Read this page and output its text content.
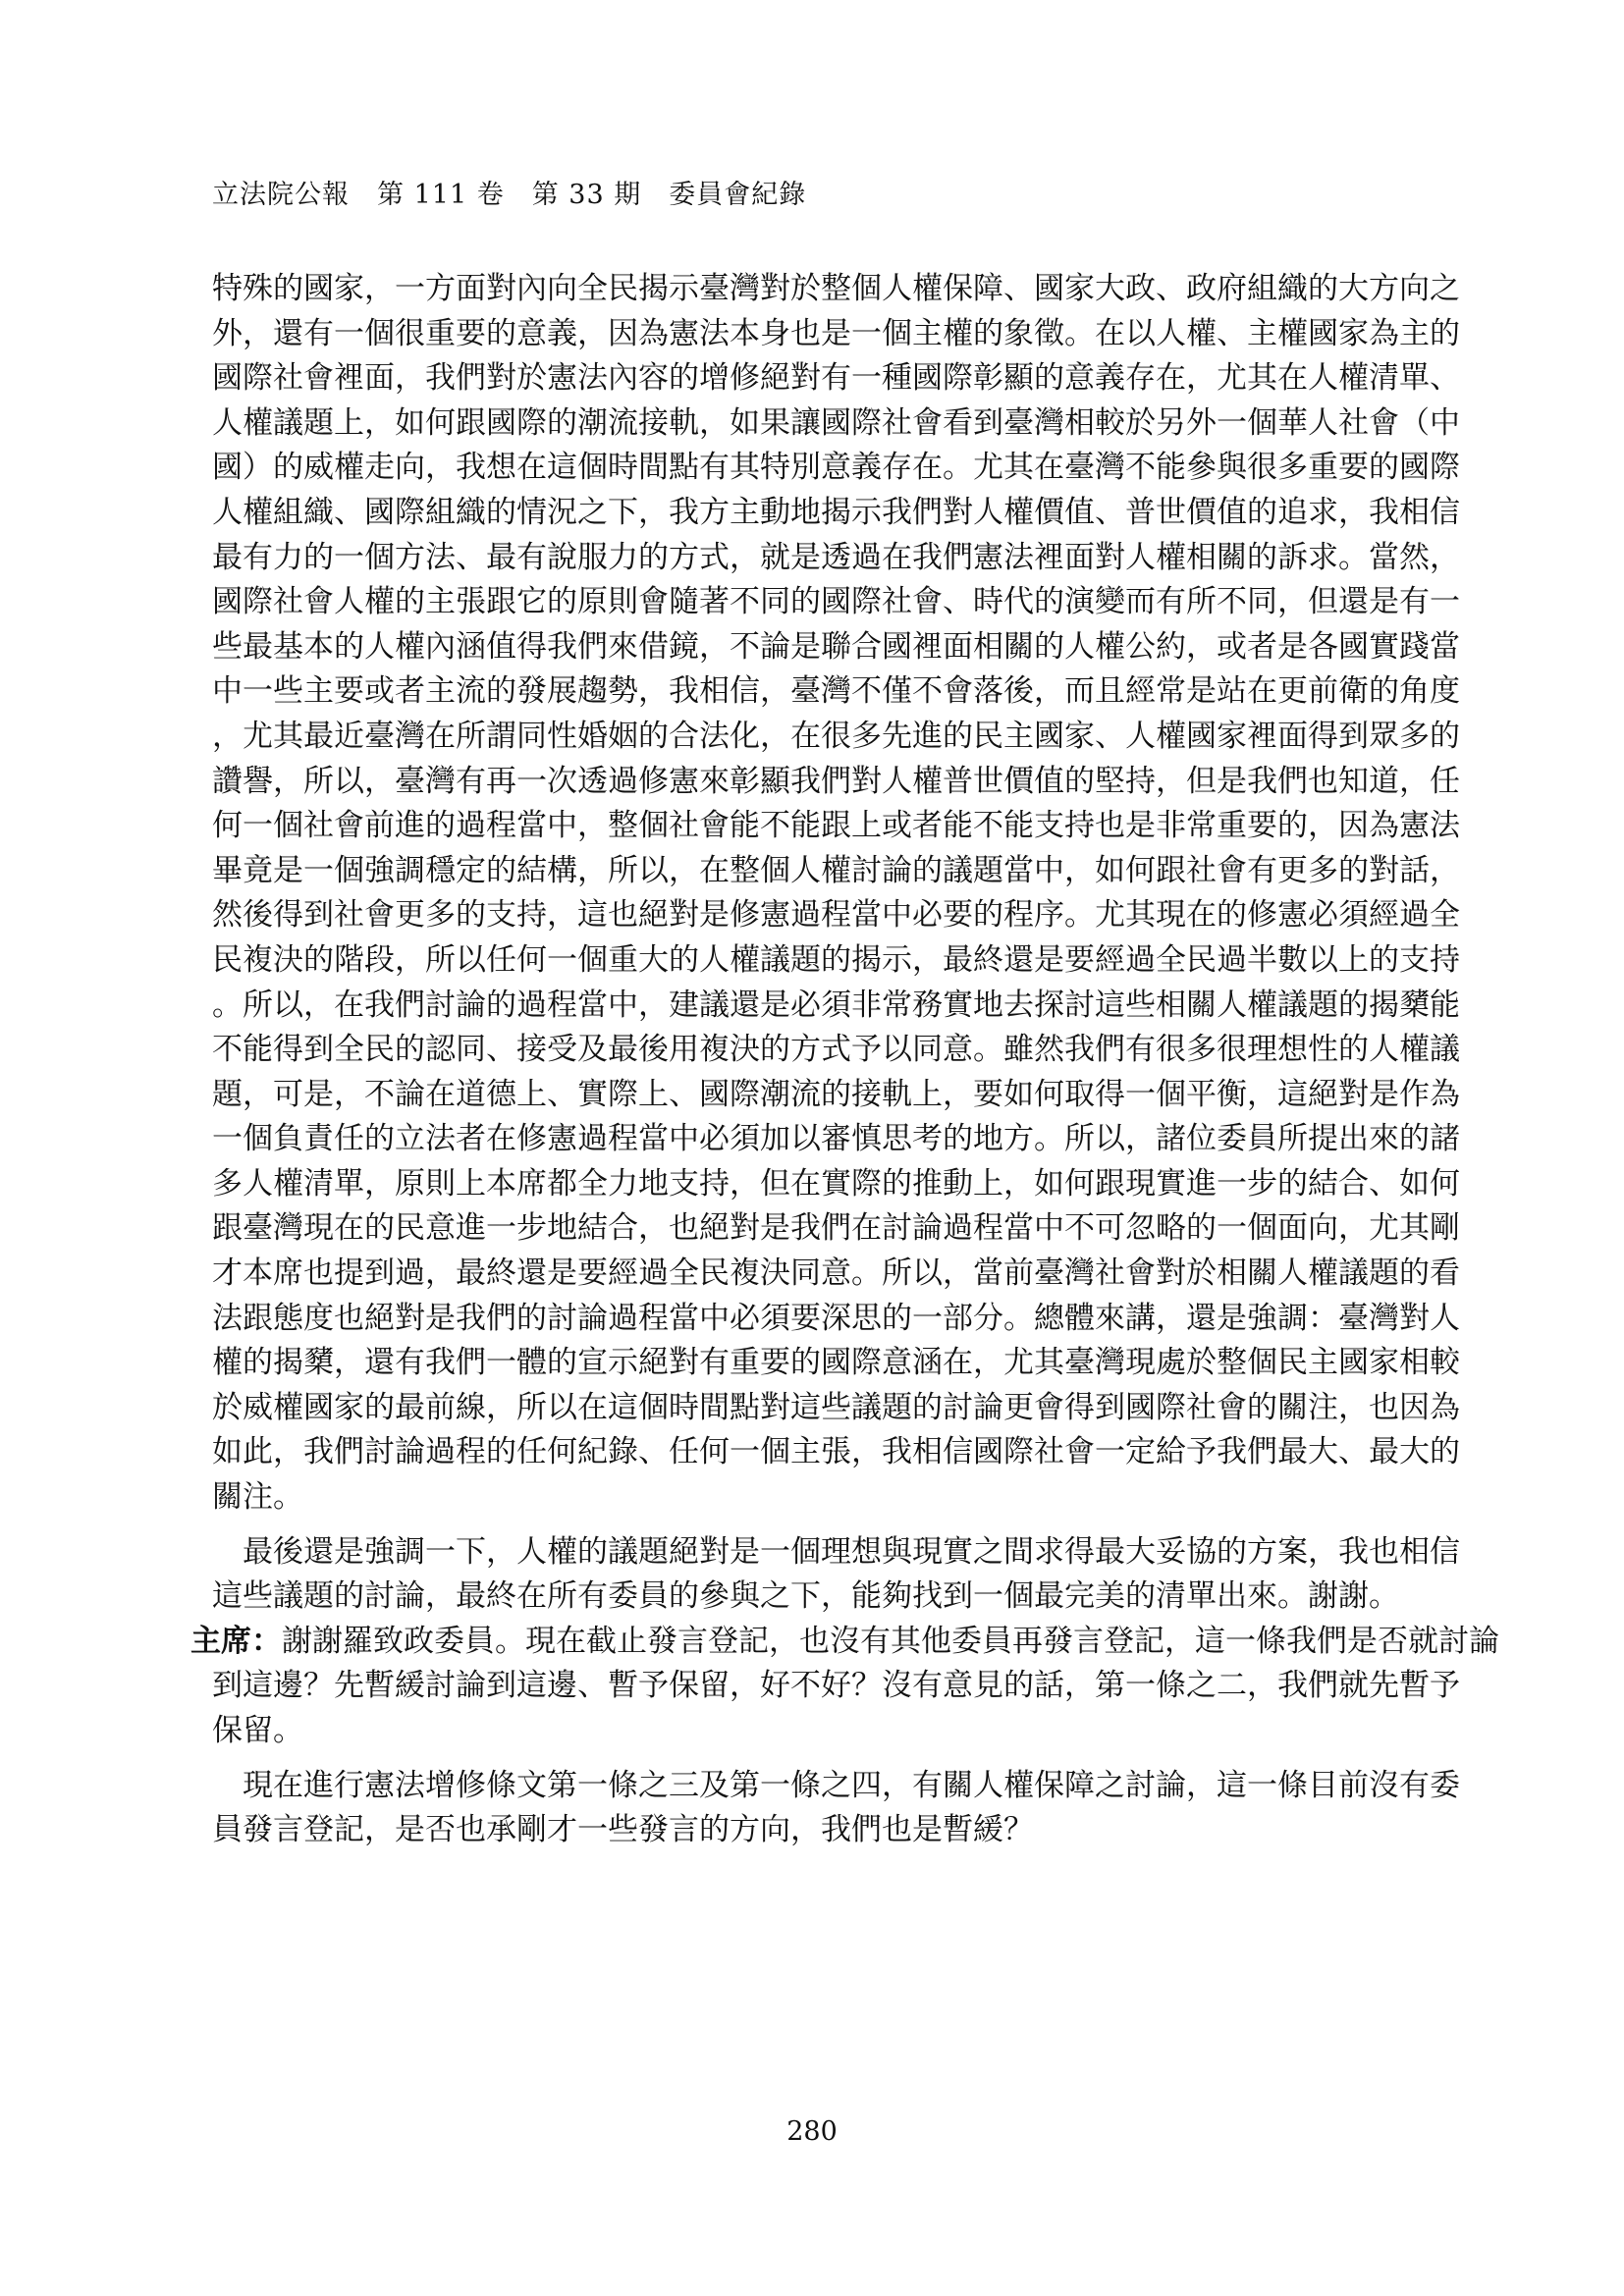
立法院公報　第 111 卷　第 33 期　委員會紀錄
特殊的國家，一方面對內向全民揭示臺灣對於整個人權保障、國家大政、政府組織的大方向之
外，還有一個很重要的意義，因為憲法本身也是一個主權的象徵。在以人權、主權國家為主的
國際社會裡面，我們對於憲法內容的增修絕對有一種國際彰顯的意義存在，尤其在人權清單、
人權議題上，如何跟國際的潮流接軌，如果讓國際社會看到臺灣相較於另外一個華人社會（中
國）的威權走向，我想在這個時間點有其特別意義存在。尤其在臺灣不能參與很多重要的國際
人權組織、國際組織的情況之下，我方主動地揭示我們對人權價值、普世價值的追求，我相信
最有力的一個方法、最有說服力的方式，就是透過在我們憲法裡面對人權相關的訴求。當然，
國際社會人權的主張跟它的原則會隨著不同的國際社會、時代的演變而有所不同，但還是有一
些最基本的人權內涵值得我們來借鏡，不論是聯合國裡面相關的人權公約，或者是各國實踐當
中一些主要或者主流的發展趨勢，我相信，臺灣不僅不會落後，而且經常是站在更前衛的角度
，尤其最近臺灣在所謂同性婚姻的合法化，在很多先進的民主國家、人權國家裡面得到眾多的
讚譽，所以，臺灣有再一次透過修憲來彰顯我們對人權普世價值的堅持，但是我們也知道，任
何一個社會前進的過程當中，整個社會能不能跟上或者能不能支持也是非常重要的，因為憲法
畢竟是一個強調穩定的結構，所以，在整個人權討論的議題當中，如何跟社會有更多的對話，
然後得到社會更多的支持，這也絕對是修憲過程當中必要的程序。尤其現在的修憲必須經過全
民複決的階段，所以任何一個重大的人權議題的揭示，最終還是要經過全民過半數以上的支持
。所以，在我們討論的過程當中，建議還是必須非常務實地去探討這些相關人權議題的揭櫫能
不能得到全民的認同、接受及最後用複決的方式予以同意。雖然我們有很多很理想性的人權議
題，可是，不論在道德上、實際上、國際潮流的接軌上，要如何取得一個平衡，這絕對是作為
一個負責任的立法者在修憲過程當中必須加以審慎思考的地方。所以，諸位委員所提出來的諸
多人權清單，原則上本席都全力地支持，但在實際的推動上，如何跟現實進一步的結合、如何
跟臺灣現在的民意進一步地結合，也絕對是我們在討論過程當中不可忽略的一個面向，尤其剛
才本席也提到過，最終還是要經過全民複決同意。所以，當前臺灣社會對於相關人權議題的看
法跟態度也絕對是我們的討論過程當中必須要深思的一部分。總體來講，還是強調：臺灣對人
權的揭櫫，還有我們一體的宣示絕對有重要的國際意涵在，尤其臺灣現處於整個民主國家相較
於威權國家的最前線，所以在這個時間點對這些議題的討論更會得到國際社會的關注，也因為
如此，我們討論過程的任何紀錄、任何一個主張，我相信國際社會一定給予我們最大、最大的
關注。
　最後還是強調一下，人權的議題絕對是一個理想與現實之間求得最大妥協的方案，我也相信
這些議題的討論，最終在所有委員的參與之下，能夠找到一個最完美的清單出來。謝謝。
主席：謝謝羅致政委員。現在截止發言登記，也沒有其他委員再發言登記，這一條我們是否就討論
到這邊？先暫緩討論到這邊、暫予保留，好不好？沒有意見的話，第一條之二，我們就先暫予
保留。
　現在進行憲法增修條文第一條之三及第一條之四，有關人權保障之討論，這一條目前沒有委
員發言登記，是否也承剛才一些發言的方向，我們也是暫緩？
280
